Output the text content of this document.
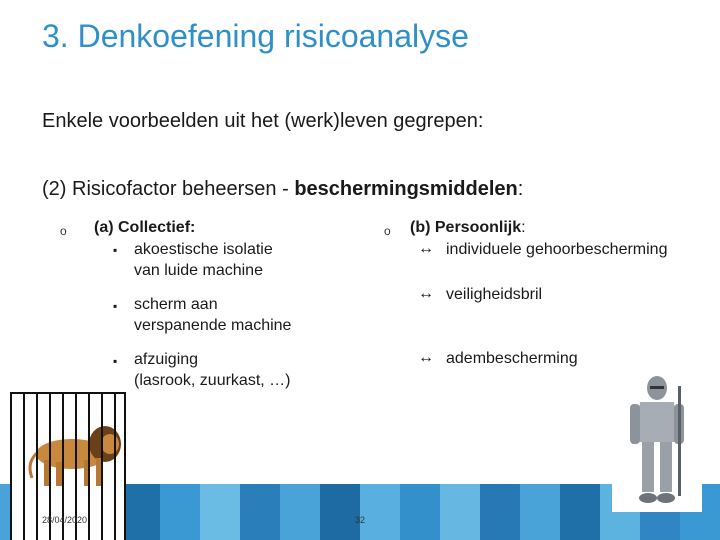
3. Denkoefening risicoanalyse
Enkele voorbeelden uit het (werk)leven gegrepen:
(2) Risicofactor beheersen - beschermingsmiddelen:
o (a) Collectief:
▪ akoestische isolatie
van luide machine
▪ scherm aan
verspanende machine
▪ afzuiging
(lasrook, zuurkast, …)
o (b) Persoonlijk:
↔ individuele gehoorbescherming
↔ veiligheidsbril
↔ adembescherming
28/04/2020	32
